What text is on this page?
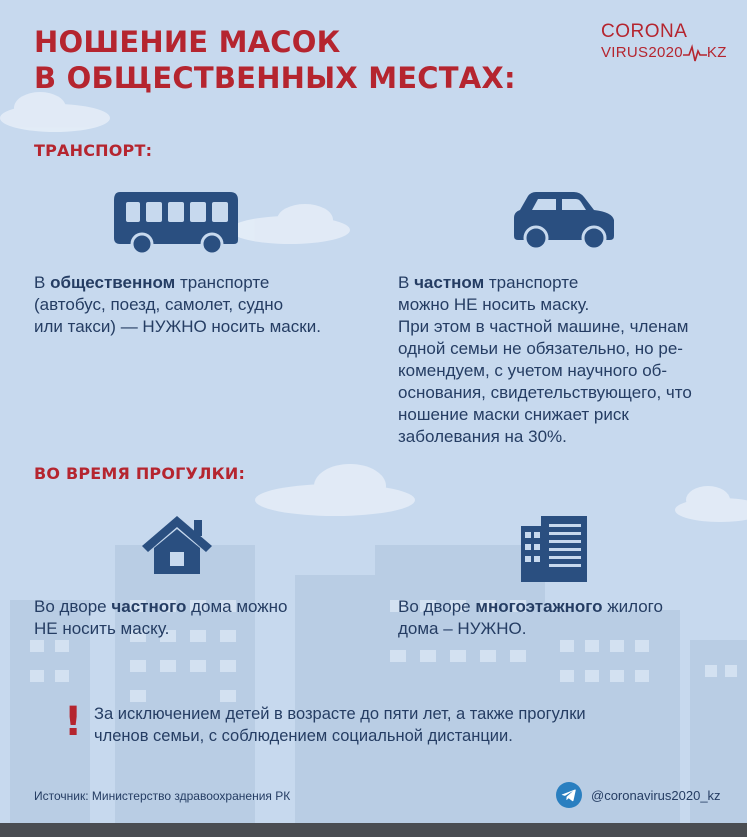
НОШЕНИЕ МАСОК
В ОБЩЕСТВЕННЫХ МЕСТАХ:
CORONA
VIRUS2020 KZ
ТРАНСПОРТ:
В общественном транспорте
(автобус, поезд, самолет, судно
или такси) — НУЖНО носить маски.
В частном транспорте
можно НЕ носить маску.
При этом в частной машине, членам
одной семьи не обязательно, но ре-
комендуем, с учетом научного об-
основания, свидетельствующего, что
ношение маски снижает риск
заболевания на 30%.
ВО ВРЕМЯ ПРОГУЛКИ:
Во дворе частного дома можно
НЕ носить маску.
Во дворе многоэтажного жилого
дома – НУЖНО.
! За исключением детей в возрасте до пяти лет, а также прогулки
членов семьи, с соблюдением социальной дистанции.
Источник: Министерство здравоохранения РК	@coronavirus2020_kz
